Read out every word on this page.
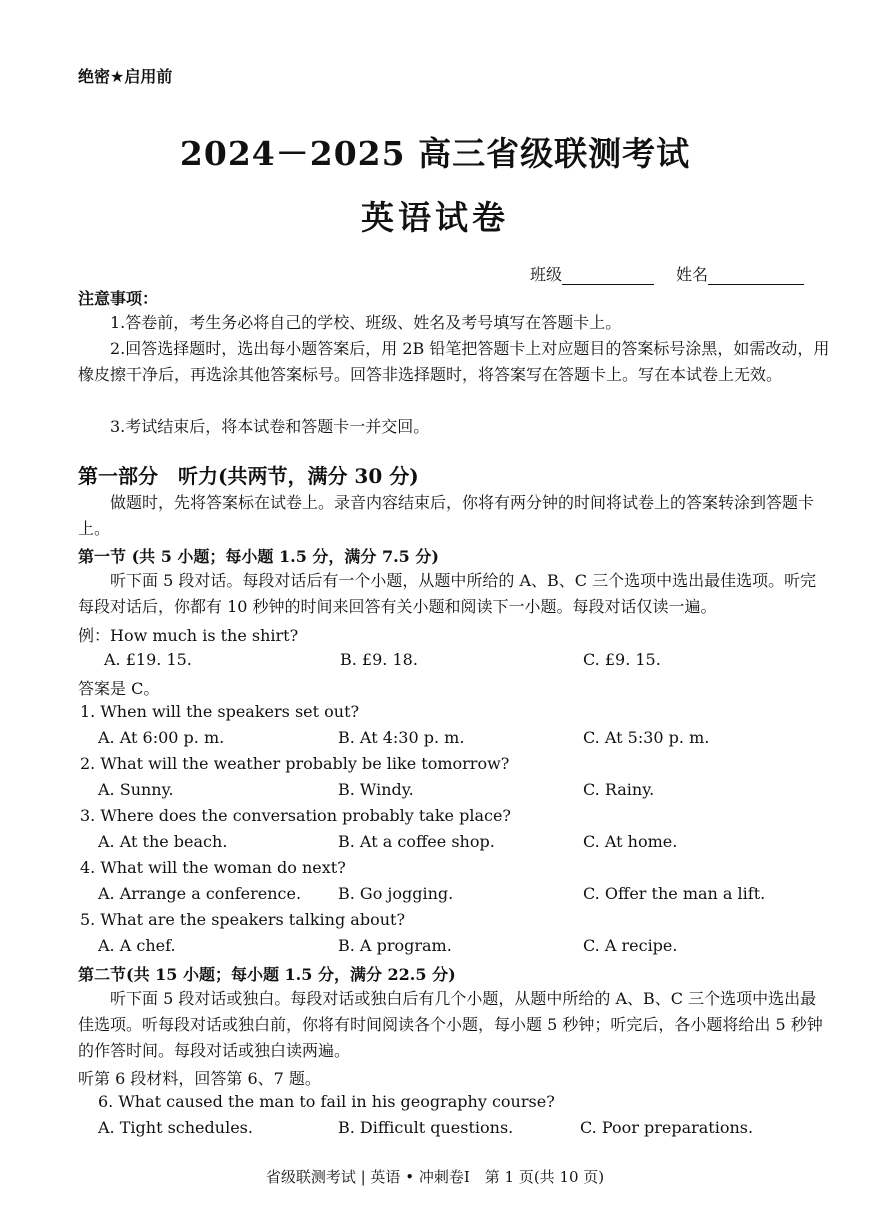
绝密★启用前
2024－2025 高三省级联测考试
英语试卷
班级	姓名
注意事项：
1.答卷前，考生务必将自己的学校、班级、姓名及考号填写在答题卡上。
2.回答选择题时，选出每小题答案后，用 2B 铅笔把答题卡上对应题目的答案标号涂黑，如需改动，用橡皮擦干净后，再选涂其他答案标号。回答非选择题时，将答案写在答题卡上。写在本试卷上无效。
3.考试结束后，将本试卷和答题卡一并交回。
第一部分　听力(共两节，满分 30 分)
做题时，先将答案标在试卷上。录音内容结束后，你将有两分钟的时间将试卷上的答案转涂到答题卡上。
第一节 (共 5 小题；每小题 1.5 分，满分 7.5 分)
听下面 5 段对话。每段对话后有一个小题，从题中所给的 A、B、C 三个选项中选出最佳选项。听完每段对话后，你都有 10 秒钟的时间来回答有关小题和阅读下一小题。每段对话仅读一遍。
例：How much is the shirt?
A. £19. 15.	B. £9. 18.	C. £9. 15.
答案是 C。
1. When will the speakers set out?
A. At 6:00 p. m.	B. At 4:30 p. m.	C. At 5:30 p. m.
2. What will the weather probably be like tomorrow?
A. Sunny.	B. Windy.	C. Rainy.
3. Where does the conversation probably take place?
A. At the beach.	B. At a coffee shop.	C. At home.
4. What will the woman do next?
A. Arrange a conference. B. Go jogging.	C. Offer the man a lift.
5. What are the speakers talking about?
A. A chef.	B. A program.	C. A recipe.
第二节(共 15 小题；每小题 1.5 分，满分 22.5 分)
听下面 5 段对话或独白。每段对话或独白后有几个小题，从题中所给的 A、B、C 三个选项中选出最佳选项。听每段对话或独白前，你将有时间阅读各个小题，每小题 5 秒钟；听完后，各小题将给出 5 秒钟的作答时间。每段对话或独白读两遍。
听第 6 段材料，回答第 6、7 题。
6. What caused the man to fail in his geography course?
A. Tight schedules.	B. Difficult questions.	C. Poor preparations.
省级联测考试 | 英语 • 冲刺卷Ⅰ　第 1 页(共 10 页)
